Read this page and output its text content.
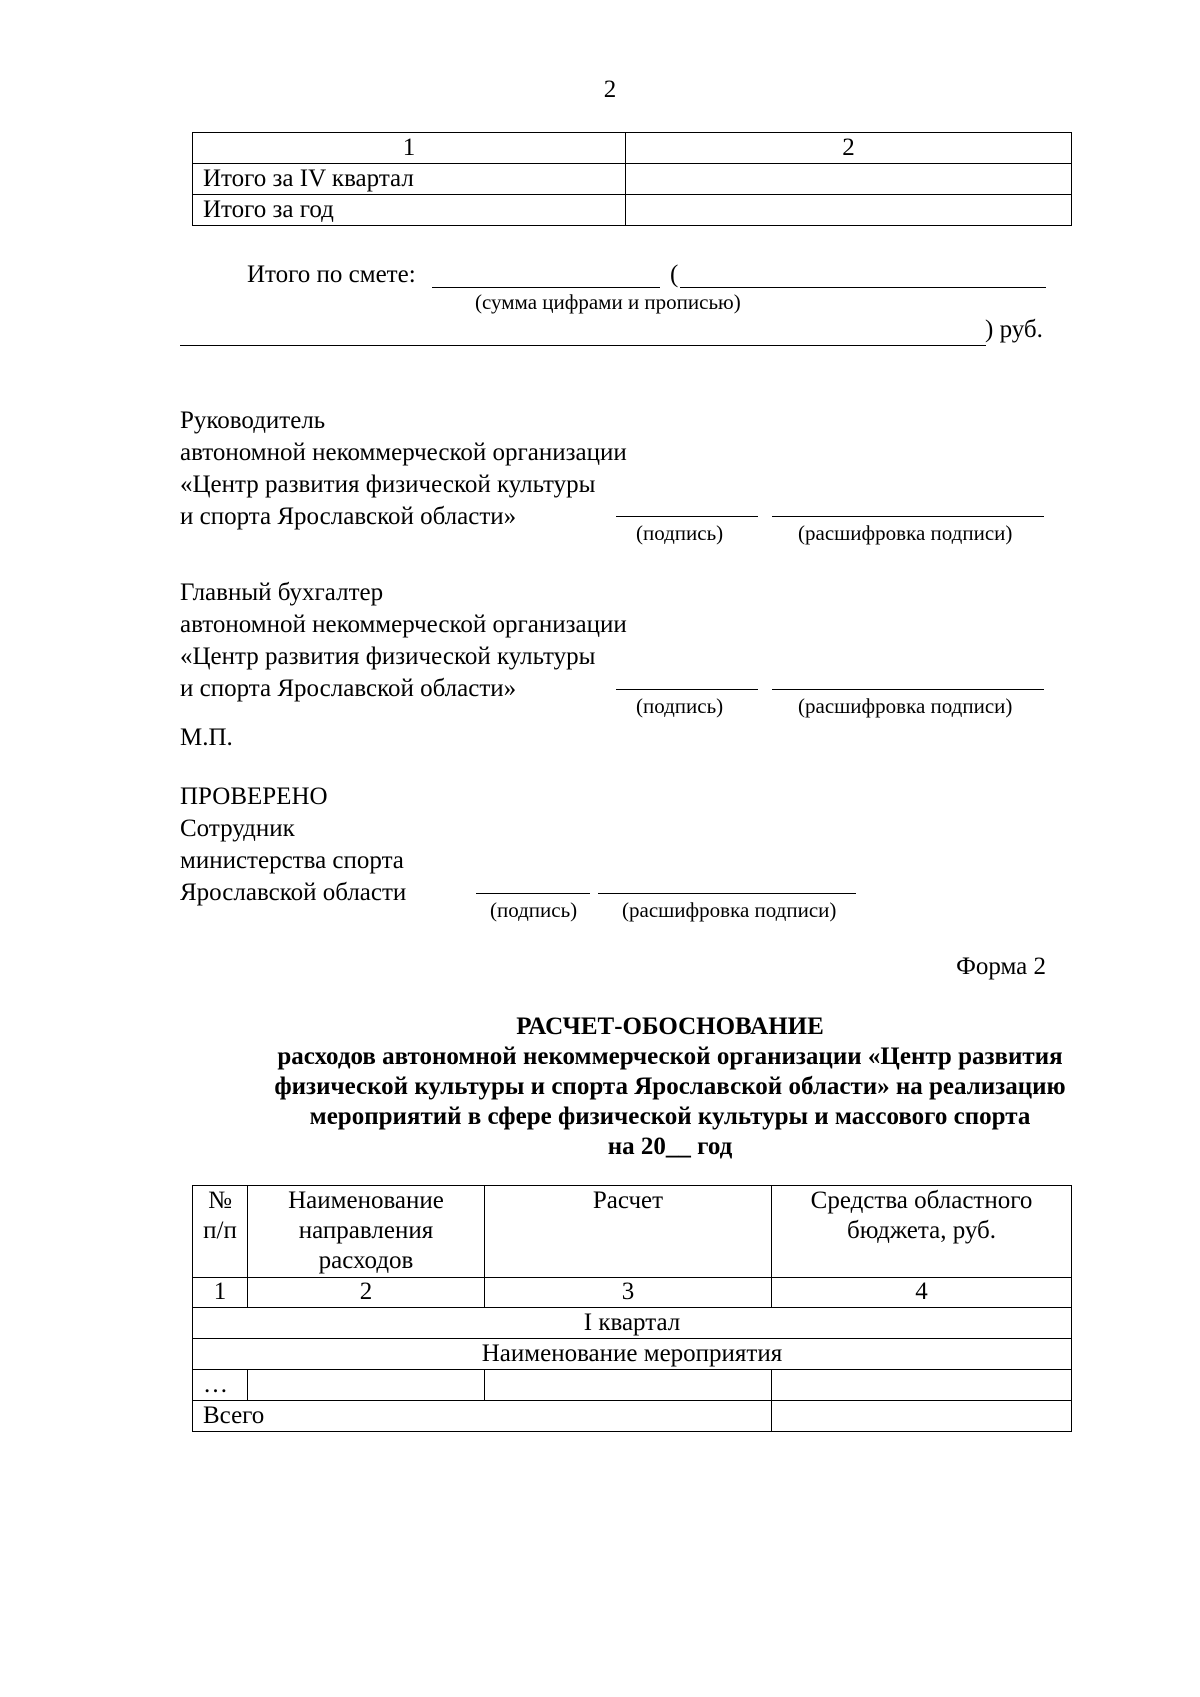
2
1	2
Итого за IV квартал	
Итого за год	
Итого по смете:	(
(сумма цифрами и прописью)
) руб.
Руководитель
автономной некоммерческой организации
«Центр развития физической культуры
и спорта Ярославской области»
(подпись)	(расшифровка подписи)
Главный бухгалтер
автономной некоммерческой организации
«Центр развития физической культуры
и спорта Ярославской области»
(подпись)	(расшифровка подписи)
М.П.
ПРОВЕРЕНО
Сотрудник
министерства спорта
Ярославской области
(подпись) (расшифровка подписи)
Форма 2
РАСЧЕТ-ОБОСНОВАНИЕ
расходов автономной некоммерческой организации «Центр развития
физической культуры и спорта Ярославской области» на реализацию
мероприятий в сфере физической культуры и массового спорта
на 20__ год
№ п/п	Наименование направления расходов	Расчет	Средства областного бюджета, руб.
1	2	3	4
I квартал			
Наименование мероприятия			
…			
Всего			
